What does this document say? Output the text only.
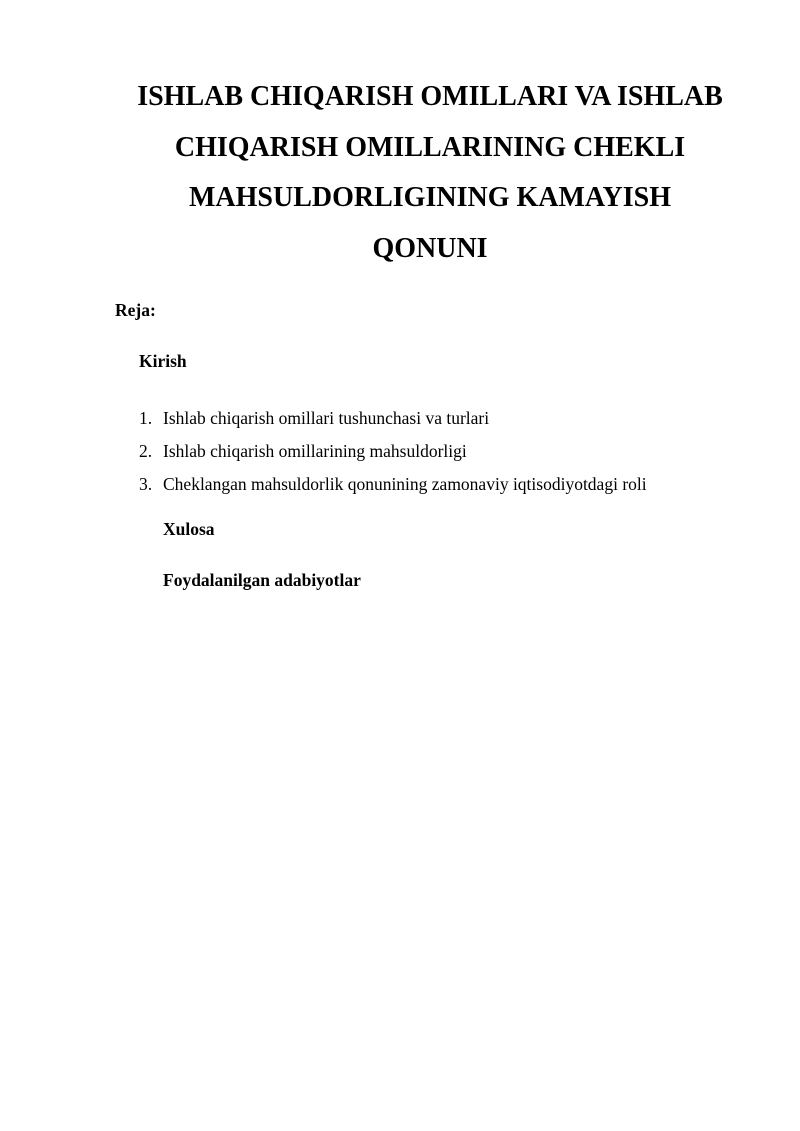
ISHLAB CHIQARISH OMILLARI VA ISHLAB
CHIQARISH OMILLARINING CHEKLI
MAHSULDORLIGINING KAMAYISH
QONUNI
Reja:
Kirish
1. Ishlab chiqarish omillari tushunchasi va turlari
2. Ishlab chiqarish omillarining mahsuldorligi
3. Cheklangan mahsuldorlik qonunining zamonaviy iqtisodiyotdagi roli
Xulosa
Foydalanilgan adabiyotlar
